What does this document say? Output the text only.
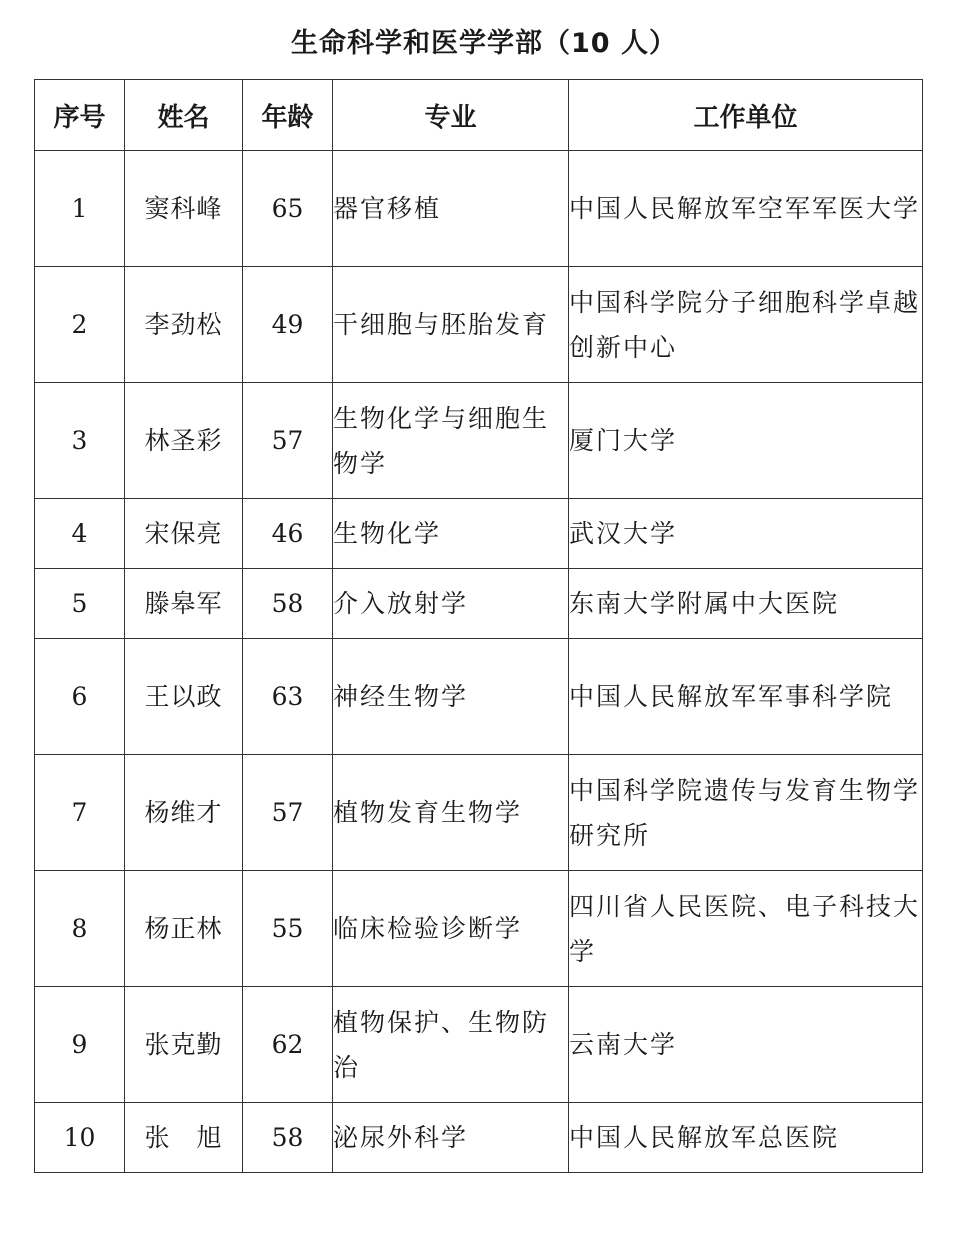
生命科学和医学学部（10 人）
序号	姓名	年龄	专业	工作单位
1	窦科峰	65	器官移植	中国人民解放军空军军医大学
2	李劲松	49	干细胞与胚胎发育	中国科学院分子细胞科学卓越创新中心
3	林圣彩	57	生物化学与细胞生物学	厦门大学
4	宋保亮	46	生物化学	武汉大学
5	滕皋军	58	介入放射学	东南大学附属中大医院
6	王以政	63	神经生物学	中国人民解放军军事科学院
7	杨维才	57	植物发育生物学	中国科学院遗传与发育生物学研究所
8	杨正林	55	临床检验诊断学	四川省人民医院、电子科技大学
9	张克勤	62	植物保护、生物防治	云南大学
10	张　旭	58	泌尿外科学	中国人民解放军总医院
